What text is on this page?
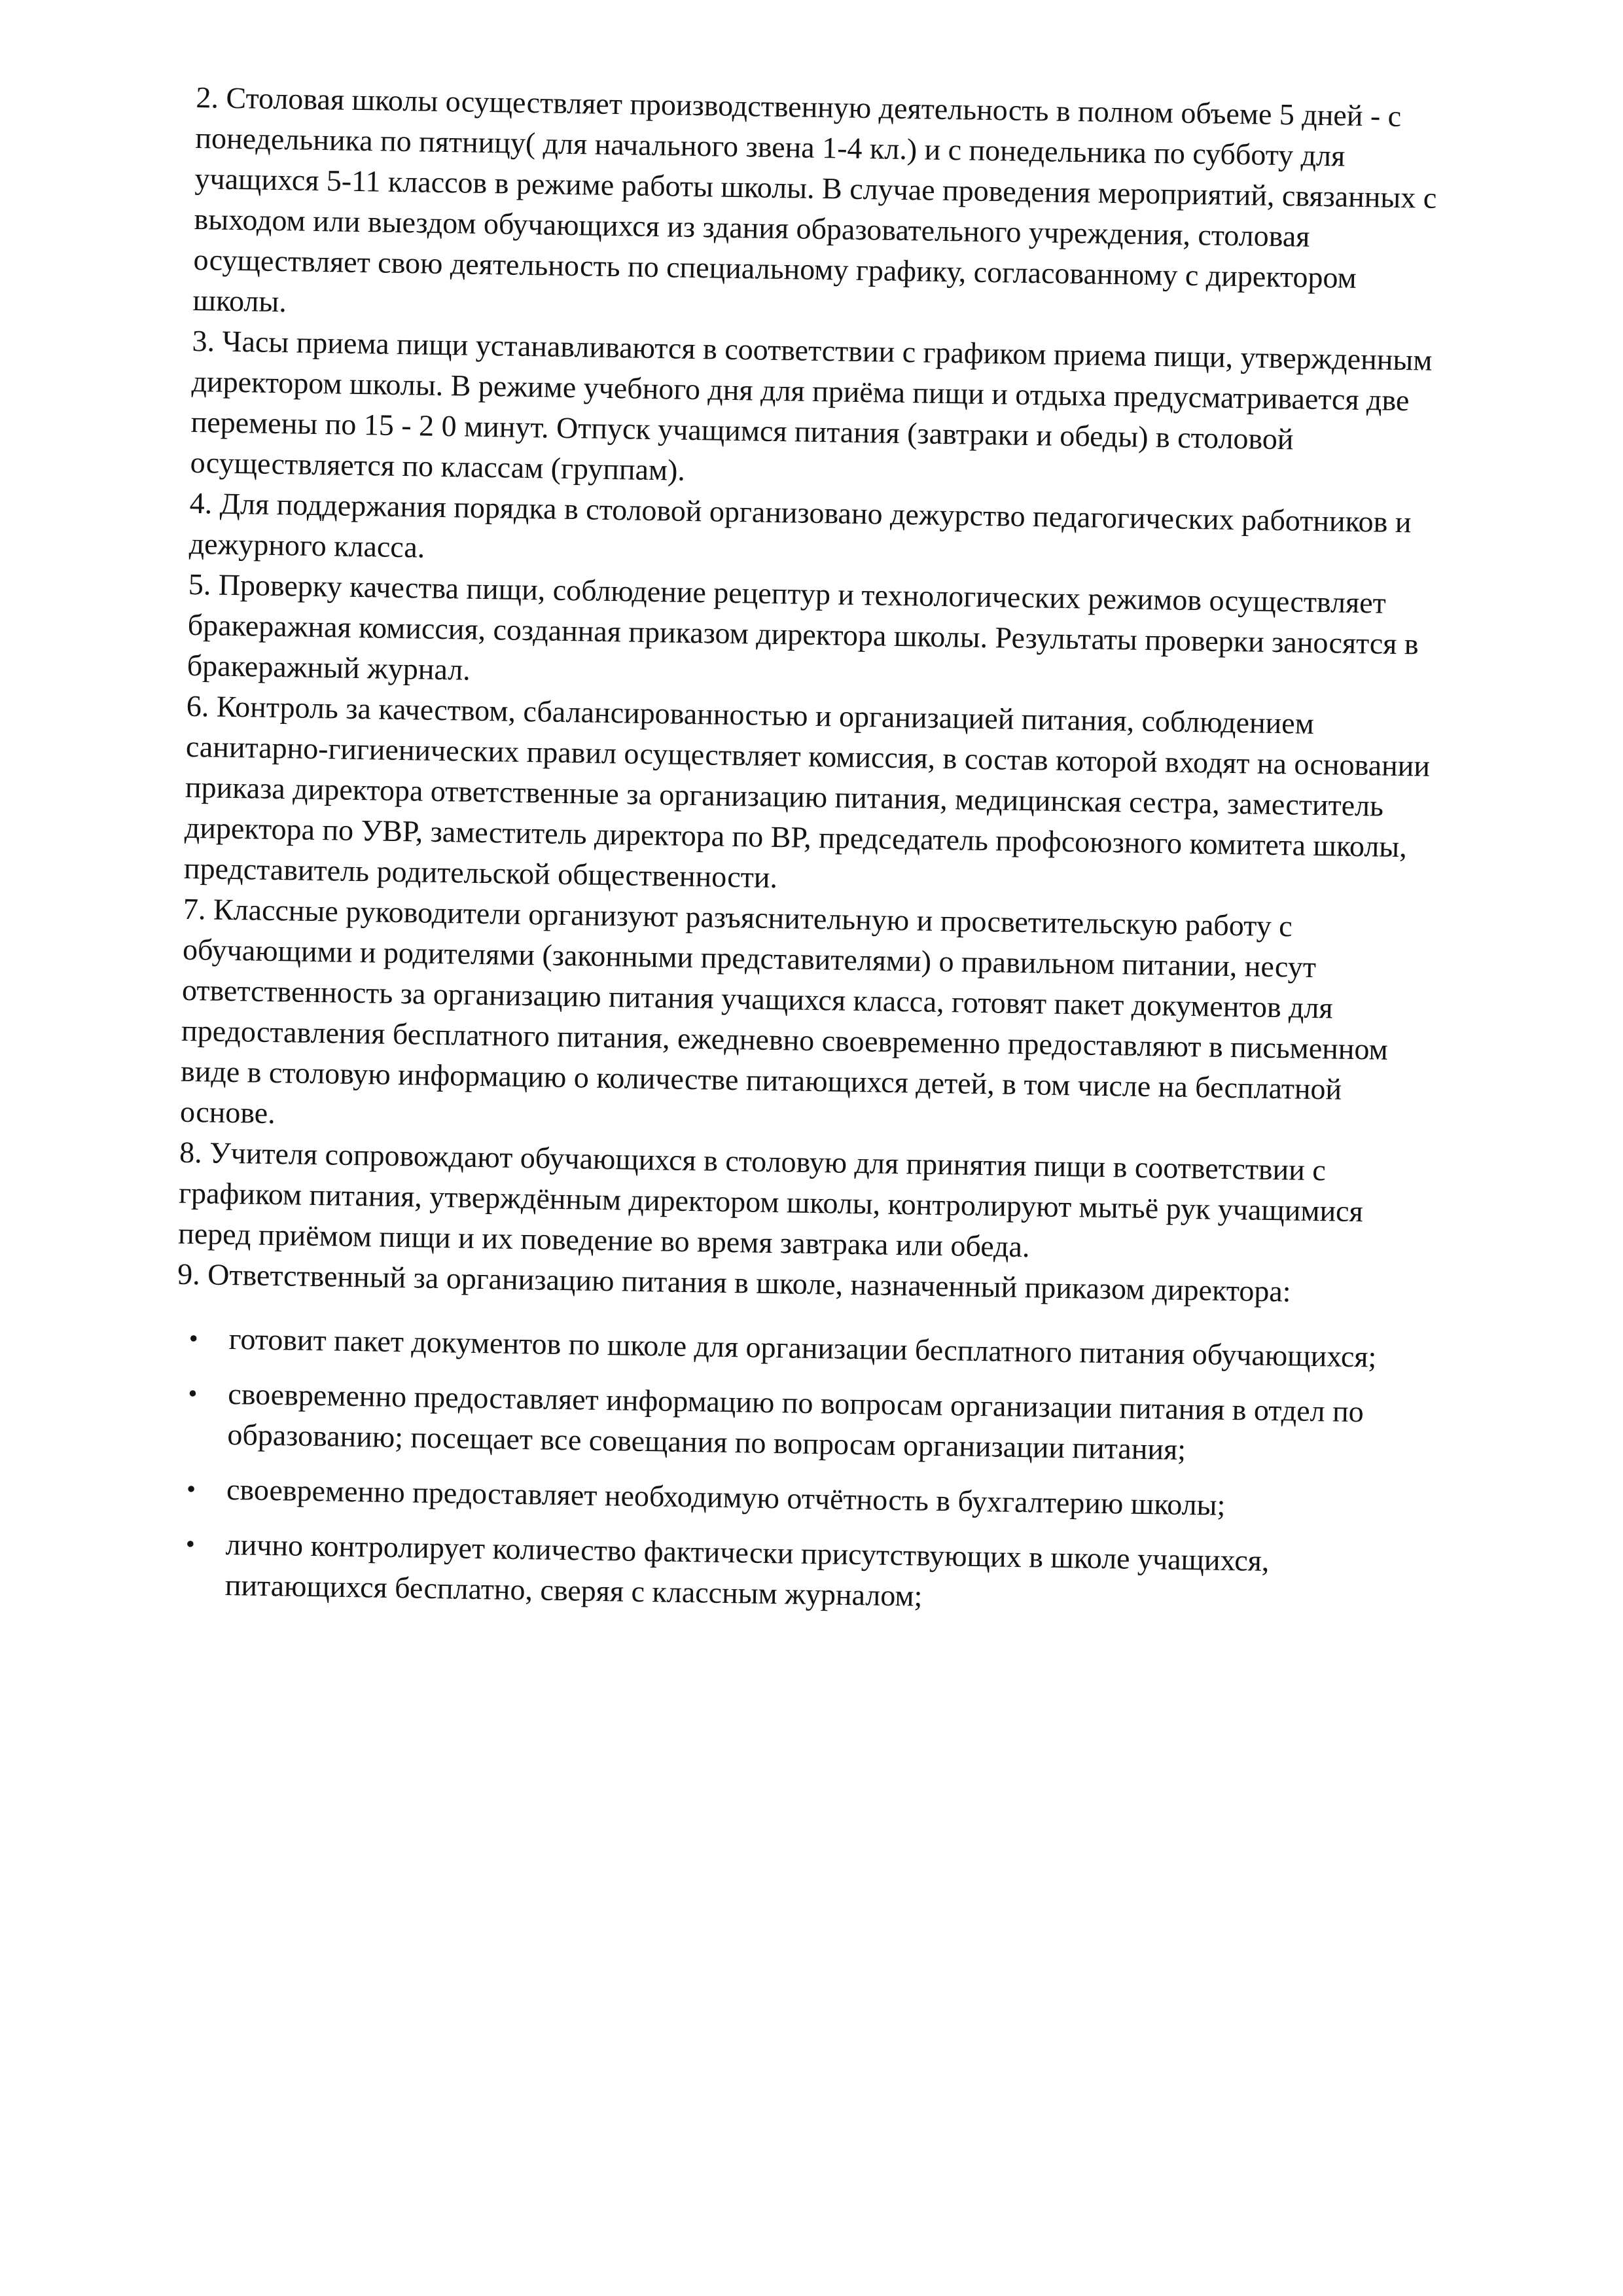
2. Столовая школы осуществляет производственную деятельность в полном объеме 5 дней - с понедельника по пятницу( для начального звена 1-4 кл.) и с понедельника по субботу для учащихся 5-11 классов в режиме работы школы. В случае проведения мероприятий, связанных с выходом или выездом обучающихся из здания образовательного учреждения, столовая осуществляет свою деятельность по специальному графику, согласованному с директором школы.

3. Часы приема пищи устанавливаются в соответствии с графиком приема пищи, утвержденным директором школы. В режиме учебного дня для приёма пищи и отдыха предусматривается две перемены по 15 - 2 0 минут. Отпуск учащимся питания (завтраки и обеды) в столовой осуществляется по классам (группам).

4. Для поддержания порядка в столовой организовано дежурство педагогических работников и дежурного класса.

5. Проверку качества пищи, соблюдение рецептур и технологических режимов осуществляет бракеражная комиссия, созданная приказом директора школы. Результаты проверки заносятся в бракеражный журнал.

6. Контроль за качеством, сбалансированностью и организацией питания, соблюдением санитарно-гигиенических правил осуществляет комиссия, в состав которой входят на основании приказа директора ответственные за организацию питания, медицинская сестра, заместитель директора по УВР, заместитель директора по ВР, председатель профсоюзного комитета школы, представитель родительской общественности.

7. Классные руководители организуют разъяснительную и просветительскую работу с обучающими и родителями (законными представителями) о правильном питании, несут ответственность за организацию питания учащихся класса, готовят пакет документов для предоставления бесплатного питания, ежедневно своевременно предоставляют в письменном виде в столовую информацию о количестве питающихся детей, в том числе на бесплатной основе.

8. Учителя сопровождают обучающихся в столовую для принятия пищи в соответствии с графиком питания, утверждённым директором школы, контролируют мытьё рук учащимися перед приёмом пищи и их поведение во время завтрака или обеда.

9. Ответственный за организацию питания в школе, назначенный приказом директора:

• готовит пакет документов по школе для организации бесплатного питания обучающихся;
• своевременно предоставляет информацию по вопросам организации питания в отдел по образованию; посещает все совещания по вопросам организации питания;
• своевременно предоставляет необходимую отчётность в бухгалтерию школы;
• лично контролирует количество фактически присутствующих в школе учащихся, питающихся бесплатно, сверяя с классным журналом;
